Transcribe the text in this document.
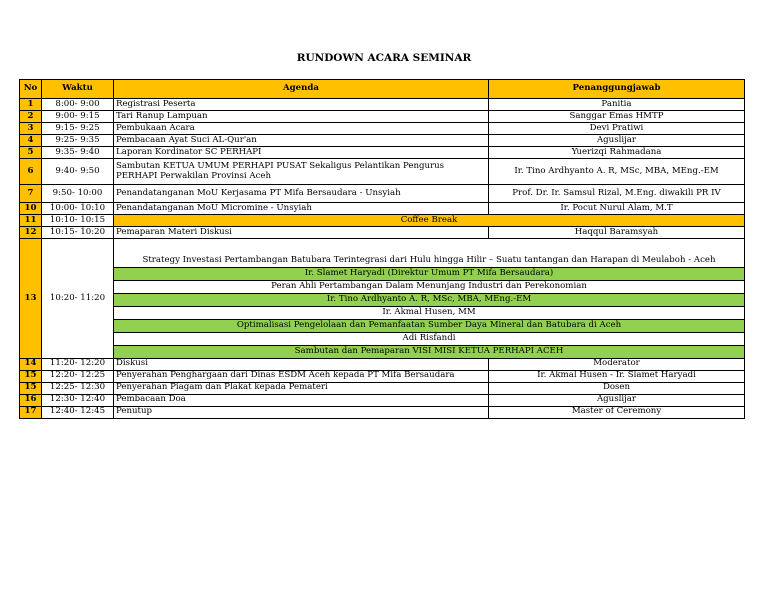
RUNDOWN ACARA SEMINAR
No	Waktu	Agenda	Penanggungjawab
1	8:00- 9:00	Registrasi Peserta	Panitia
2	9:00- 9:15	Tari Ranup Lampuan	Sanggar Emas HMTP
3	9:15- 9:25	Pembukaan Acara	Devi Pratiwi
4	9:25- 9:35	Pembacaan Ayat Suci AL-Qur'an	Aguslijar
5	9:35- 9:40	Laporan Kordinator SC PERHAPI	Yuerizqi Rahmadana
6	9:40- 9:50	Sambutan KETUA UMUM PERHAPI PUSAT Sekaligus Pelantikan Pengurus PERHAPI Perwakilan Provinsi Aceh	Ir. Tino Ardhyanto A. R, MSc, MBA, MEng.-EM
7	9:50- 10:00	Penandatanganan MoU Kerjasama PT Mifa Bersaudara - Unsyiah	Prof. Dr. Ir. Samsul Rizal, M.Eng. diwakili PR IV
10	10:00- 10:10	Penandatanganan MoU Micromine - Unsyiah	Ir. Pocut Nurul Alam, M.T
11	10:10- 10:15	Coffee Break	
12	10:15- 10:20	Pemaparan Materi Diskusi	Haqqul Baramsyah
13	10:20- 11:20		
		Strategy Investasi Pertambangan Batubara Terintegrasi dari Hulu hingga Hilir – Suatu tantangan dan Harapan di Meulaboh - Aceh	
		Ir. Slamet Haryadi (Direktur Umum PT Mifa Bersaudara)	
		Peran Ahli Pertambangan Dalam Menunjang Industri dan Perekonomian	
		Ir. Tino Ardhyanto A. R, MSc, MBA, MEng.-EM	
		Ir. Akmal Husen, MM	
		Optimalisasi Pengelolaan dan Pemanfaatan Sumber Daya Mineral dan Batubara di Aceh	
		Adi Risfandi	
		Sambutan dan Pemaparan VISI MISI KETUA PERHAPI ACEH	
14	11:20- 12:20	Diskusi	Moderator
15	12:20- 12:25	Penyerahan Penghargaan dari Dinas ESDM Aceh kepada PT Mifa Bersaudara	Ir. Akmal Husen - Ir. Slamet Haryadi
15	12:25- 12:30	Penyerahan Piagam dan Plakat kepada Pemateri	Dosen
16	12:30- 12:40	Pembacaan Doa	Aguslijar
17	12:40- 12:45	Penutup	Master of Ceremony
